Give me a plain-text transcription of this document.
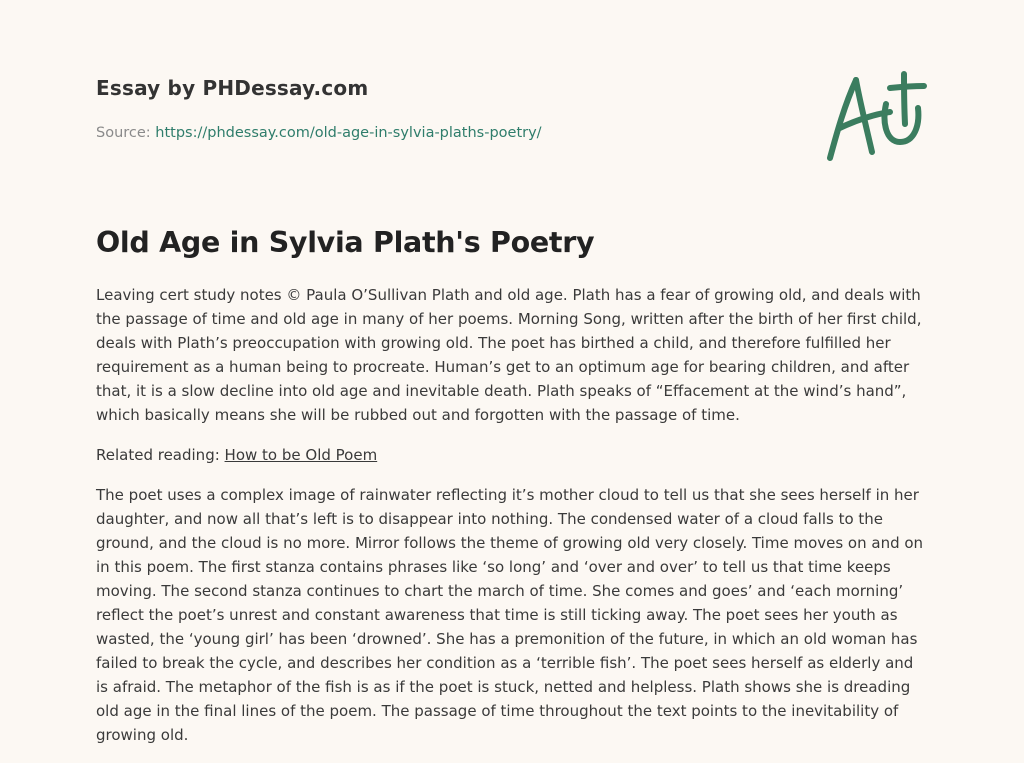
Essay by PHDessay.com
Source: https://phdessay.com/old-age-in-sylvia-plaths-poetry/
Old Age in Sylvia Plath's Poetry

Leaving cert study notes © Paula O’Sullivan Plath and old age. Plath has a fear of growing old, and deals with the passage of time and old age in many of her poems. Morning Song, written after the birth of her first child, deals with Plath’s preoccupation with growing old. The poet has birthed a child, and therefore fulfilled her requirement as a human being to procreate. Human’s get to an optimum age for bearing children, and after that, it is a slow decline into old age and inevitable death. Plath speaks of “Effacement at the wind’s hand”, which basically means she will be rubbed out and forgotten with the passage of time.

Related reading: How to be Old Poem

The poet uses a complex image of rainwater reflecting it’s mother cloud to tell us that she sees herself in her daughter, and now all that’s left is to disappear into nothing. The condensed water of a cloud falls to the ground, and the cloud is no more. Mirror follows the theme of growing old very closely. Time moves on and on in this poem. The first stanza contains phrases like ‘so long’ and ‘over and over’ to tell us that time keeps moving. The second stanza continues to chart the march of time. She comes and goes’ and ‘each morning’ reflect the poet’s unrest and constant awareness that time is still ticking away. The poet sees her youth as wasted, the ‘young girl’ has been ‘drowned’. She has a premonition of the future, in which an old woman has failed to break the cycle, and describes her condition as a ‘terrible fish’. The poet sees herself as elderly and is afraid. The metaphor of the fish is as if the poet is stuck, netted and helpless. Plath shows she is dreading old age in the final lines of the poem. The passage of time throughout the text points to the inevitability of growing old.
